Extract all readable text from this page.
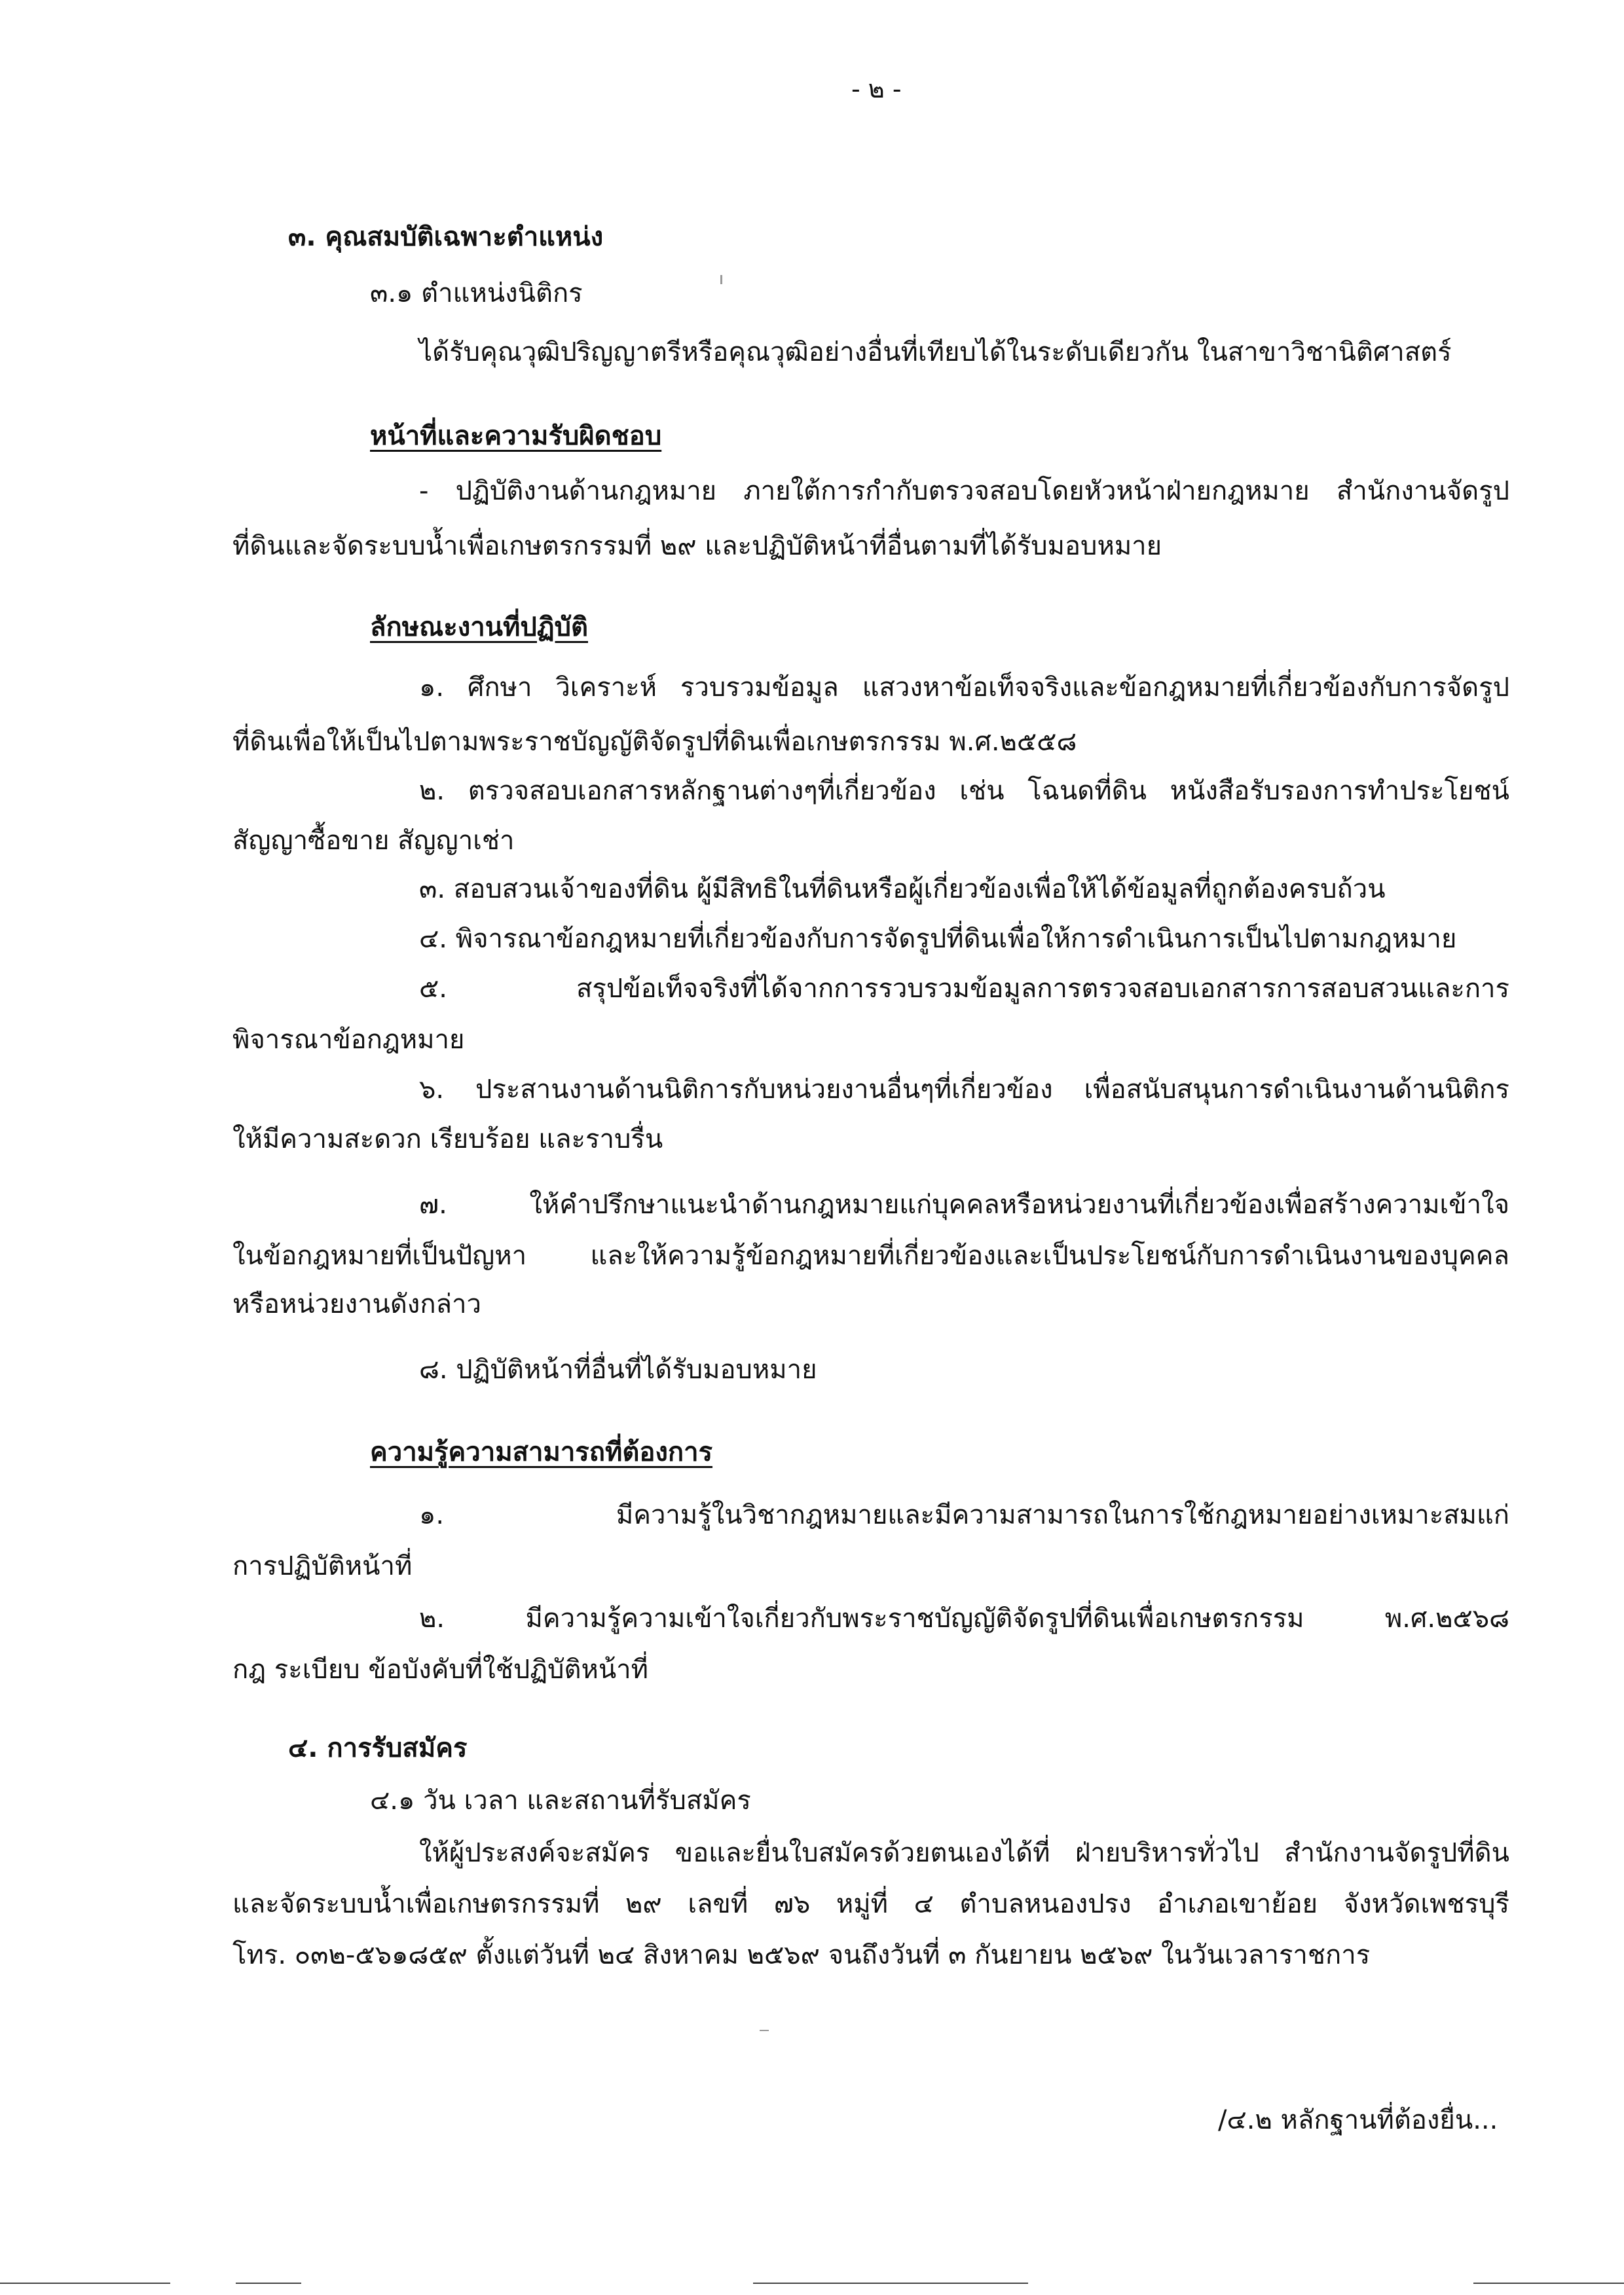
- ๒ -
๓. คุณสมบัติเฉพาะตำแหน่ง
๓.๑ ตำแหน่งนิติกร
ได้รับคุณวุฒิปริญญาตรีหรือคุณวุฒิอย่างอื่นที่เทียบได้ในระดับเดียวกัน ในสาขาวิชานิติศาสตร์
หน้าที่และความรับผิดชอบ
- ปฏิบัติงานด้านกฎหมาย ภายใต้การกำกับตรวจสอบโดยหัวหน้าฝ่ายกฎหมาย สำนักงานจัดรูป
ที่ดินและจัดระบบน้ำเพื่อเกษตรกรรมที่ ๒๙ และปฏิบัติหน้าที่อื่นตามที่ได้รับมอบหมาย
ลักษณะงานที่ปฏิบัติ
๑. ศึกษา วิเคราะห์ รวบรวมข้อมูล แสวงหาข้อเท็จจริงและข้อกฎหมายที่เกี่ยวข้องกับการจัดรูป
ที่ดินเพื่อให้เป็นไปตามพระราชบัญญัติจัดรูปที่ดินเพื่อเกษตรกรรม พ.ศ.๒๕๕๘
๒. ตรวจสอบเอกสารหลักฐานต่างๆที่เกี่ยวข้อง เช่น โฉนดที่ดิน หนังสือรับรองการทำประโยชน์
สัญญาซื้อขาย สัญญาเช่า
๓. สอบสวนเจ้าของที่ดิน ผู้มีสิทธิในที่ดินหรือผู้เกี่ยวข้องเพื่อให้ได้ข้อมูลที่ถูกต้องครบถ้วน
๔. พิจารณาข้อกฎหมายที่เกี่ยวข้องกับการจัดรูปที่ดินเพื่อให้การดำเนินการเป็นไปตามกฎหมาย
๕. สรุปข้อเท็จจริงที่ได้จากการรวบรวมข้อมูลการตรวจสอบเอกสารการสอบสวนและการ
พิจารณาข้อกฎหมาย
๖. ประสานงานด้านนิติการกับหน่วยงานอื่นๆที่เกี่ยวข้อง เพื่อสนับสนุนการดำเนินงานด้านนิติกร
ให้มีความสะดวก เรียบร้อย และราบรื่น
๗. ให้คำปรึกษาแนะนำด้านกฎหมายแก่บุคคลหรือหน่วยงานที่เกี่ยวข้องเพื่อสร้างความเข้าใจ
ในข้อกฎหมายที่เป็นปัญหา และให้ความรู้ข้อกฎหมายที่เกี่ยวข้องและเป็นประโยชน์กับการดำเนินงานของบุคคล
หรือหน่วยงานดังกล่าว
๘. ปฏิบัติหน้าที่อื่นที่ได้รับมอบหมาย
ความรู้ความสามารถที่ต้องการ
๑. มีความรู้ในวิชากฎหมายและมีความสามารถในการใช้กฎหมายอย่างเหมาะสมแก่
การปฏิบัติหน้าที่
๒. มีความรู้ความเข้าใจเกี่ยวกับพระราชบัญญัติจัดรูปที่ดินเพื่อเกษตรกรรม พ.ศ.๒๕๖๘
กฎ ระเบียบ ข้อบังคับที่ใช้ปฏิบัติหน้าที่
๔. การรับสมัคร
๔.๑ วัน เวลา และสถานที่รับสมัคร
ให้ผู้ประสงค์จะสมัคร ขอและยื่นใบสมัครด้วยตนเองได้ที่ ฝ่ายบริหารทั่วไป สำนักงานจัดรูปที่ดิน
และจัดระบบน้ำเพื่อเกษตรกรรมที่ ๒๙ เลขที่ ๗๖ หมู่ที่ ๔ ตำบลหนองปรง อำเภอเขาย้อย จังหวัดเพชรบุรี
โทร. ๐๓๒-๕๖๑๘๕๙ ตั้งแต่วันที่ ๒๔ สิงหาคม ๒๕๖๙ จนถึงวันที่ ๓ กันยายน ๒๕๖๙ ในวันเวลาราชการ
/๔.๒ หลักฐานที่ต้องยื่น...
